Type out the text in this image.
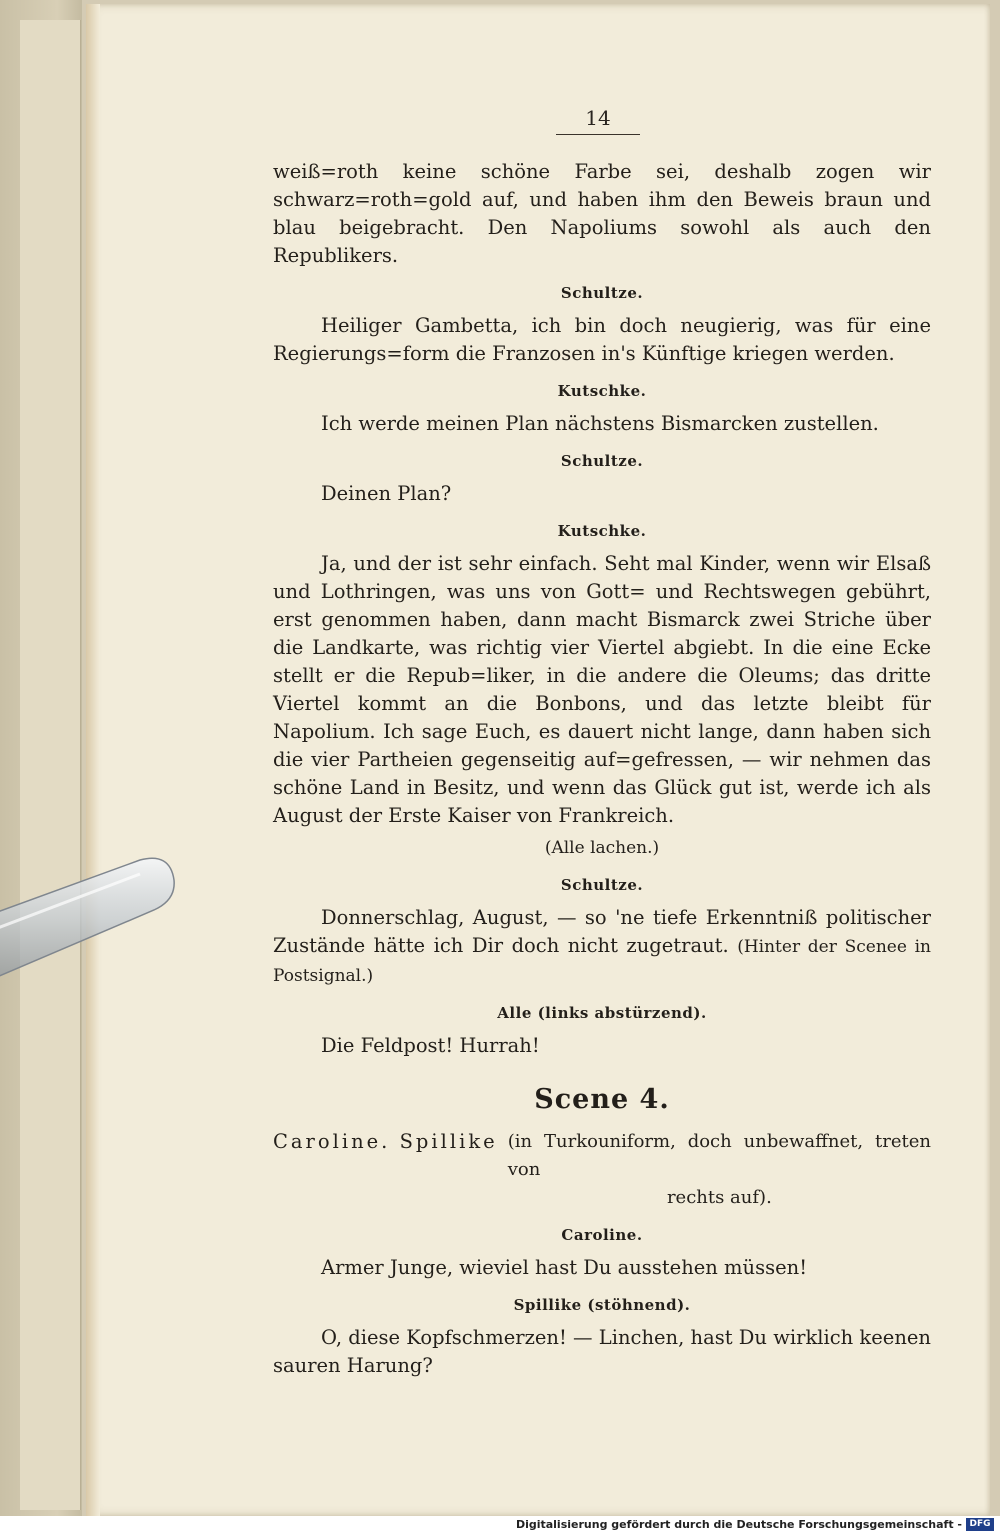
14

weiß=roth keine schöne Farbe sei, deshalb zogen wir schwarz=roth=gold auf, und haben ihm den Beweis braun und blau beigebracht. Den Napoliums sowohl als auch den Republikers.

Schultze.

Heiliger Gambetta, ich bin doch neugierig, was für eine Regierungs=form die Franzosen in's Künftige kriegen werden.

Kutschke.

Ich werde meinen Plan nächstens Bismarcken zustellen.

Schultze.

Deinen Plan?

Kutschke.

Ja, und der ist sehr einfach. Seht mal Kinder, wenn wir Elsaß und Lothringen, was uns von Gott= und Rechtswegen gebührt, erst genommen haben, dann macht Bismarck zwei Striche über die Landkarte, was richtig vier Viertel abgiebt. In die eine Ecke stellt er die Repub=liker, in die andere die Oleums; das dritte Viertel kommt an die Bonbons, und das letzte bleibt für Napolium. Ich sage Euch, es dauert nicht lange, dann haben sich die vier Partheien gegenseitig auf=gefressen, — wir nehmen das schöne Land in Besitz, und wenn das Glück gut ist, werde ich als August der Erste Kaiser von Frankreich.

(Alle lachen.)
Schultze.

Donnerschlag, August, — so 'ne tiefe Erkenntniß politischer Zustände hätte ich Dir doch nicht zugetraut. (Hinter der Scenee in Postsignal.)

Alle (links abstürzend).

Die Feldpost! Hurrah!

Scene 4.
Caroline. Spillike (in Turkouniform, doch unbewaffnet, treten von
rechts auf).
Caroline.

Armer Junge, wieviel hast Du ausstehen müssen!

Spillike (stöhnend).

O, diese Kopfschmerzen! — Linchen, hast Du wirklich keenen sauren Harung?

Digitalisierung gefördert durch die Deutsche Forschungsgemeinschaft - DFG
